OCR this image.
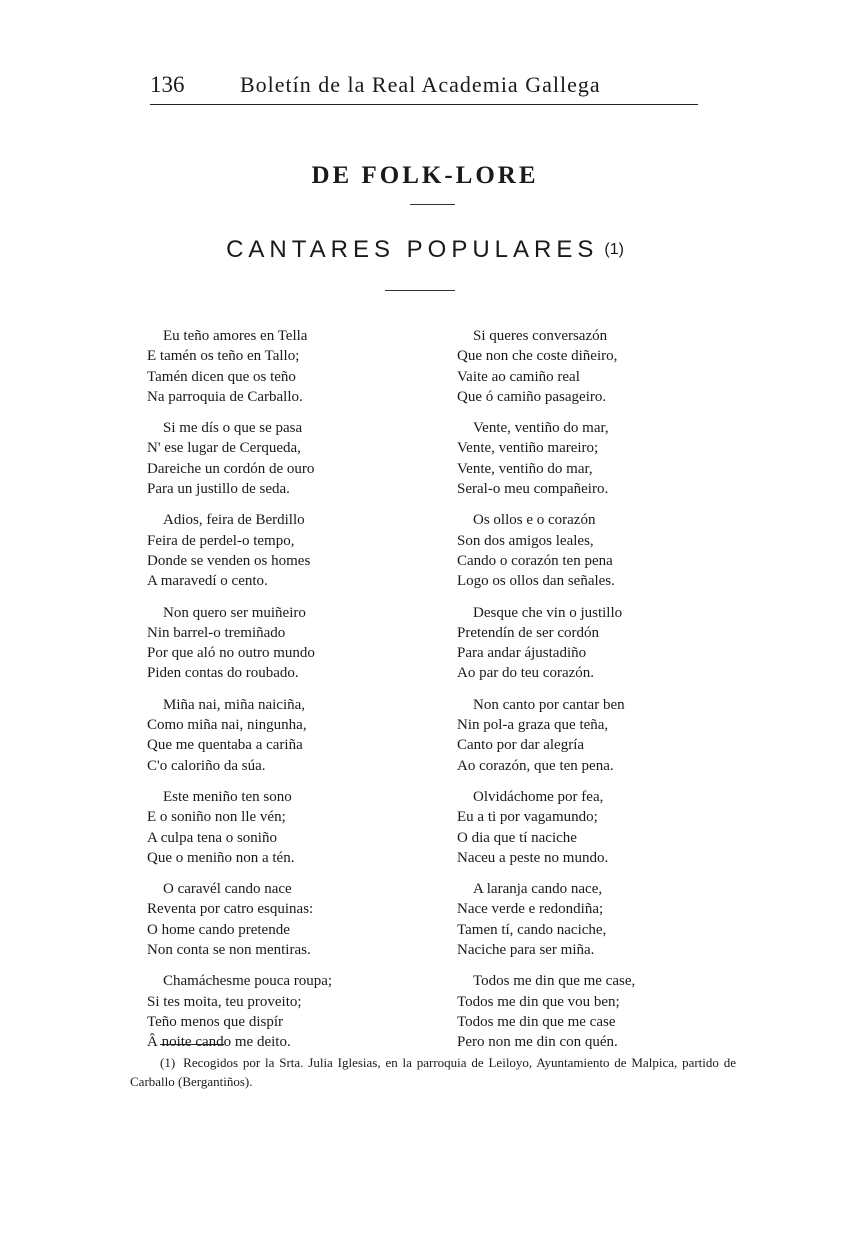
136	Boletín de la Real Academia Gallega
DE FOLK-LORE
CANTARES POPULARES (1)
Eu teño amores en Tella
E tamén os teño en Tallo;
Tamén dicen que os teño
Na parroquia de Carballo.
Si me dís o que se pasa
N' ese lugar de Cerqueda,
Dareiche un cordón de ouro
Para un justillo de seda.
Adios, feira de Berdillo
Feira de perdel-o tempo,
Donde se venden os homes
A maravedí o cento.
Non quero ser muiñeiro
Nin barrel-o tremiñado
Por que aló no outro mundo
Piden contas do roubado.
Miña nai, miña naiciña,
Como miña nai, ningunha,
Que me quentaba a cariña
C'o caloriño da súa.
Este meniño ten sono
E o soniño non lle vén;
A culpa tena o soniño
Que o meniño non a tén.
O caravél cando nace
Reventa por catro esquinas:
O home cando pretende
Non conta se non mentiras.
Chamáchesme pouca roupa;
Si tes moita, teu proveito;
Teño menos que dispír
Â noite cando me deito.
Si queres conversazón
Que non che coste diñeiro,
Vaite ao camiño real
Que ó camiño pasageiro.
Vente, ventiño do mar,
Vente, ventiño mareiro;
Vente, ventiño do mar,
Seral-o meu compañeiro.
Os ollos e o corazón
Son dos amigos leales,
Cando o corazón ten pena
Logo os ollos dan señales.
Desque che vin o justillo
Pretendín de ser cordón
Para andar ájustadiño
Ao par do teu corazón.
Non canto por cantar ben
Nin pol-a graza que teña,
Canto por dar alegría
Ao corazón, que ten pena.
Olvidáchome por fea,
Eu a ti por vagamundo;
O dia que tí naciche
Naceu a peste no mundo.
A laranja cando nace,
Nace verde e redondiña;
Tamen tí, cando naciche,
Naciche para ser miña.
Todos me din que me case,
Todos me din que vou ben;
Todos me din que me case
Pero non me din con quén.
(1) Recogidos por la Srta. Julia Iglesias, en la parroquia de Leiloyo, Ayuntamiento de Malpica, partido de Carballo (Bergantiños).
